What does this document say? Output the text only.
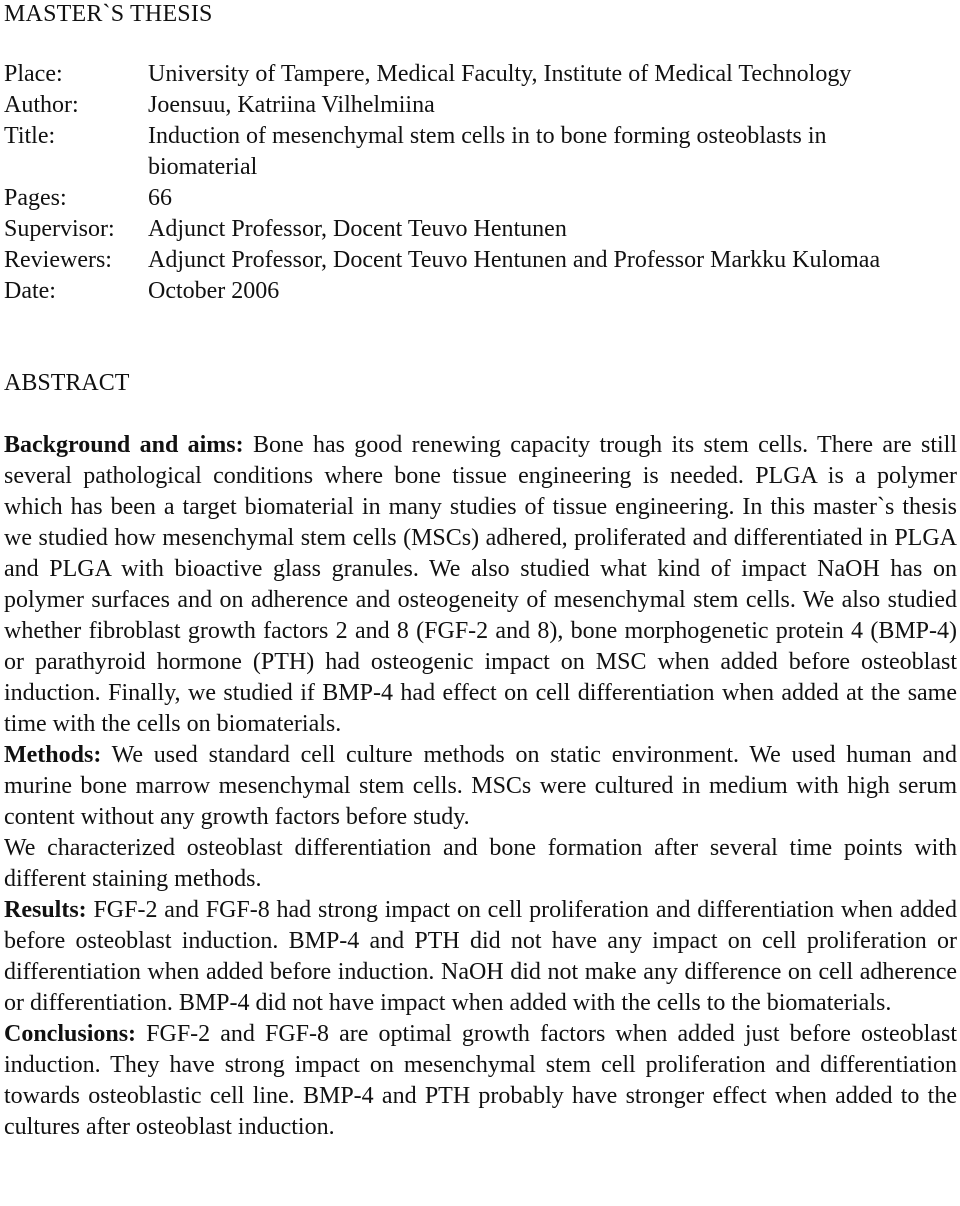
MASTER`S THESIS
Place:	University of Tampere, Medical Faculty, Institute of Medical Technology
Author:	Joensuu, Katriina Vilhelmiina
Title:	Induction of mesenchymal stem cells in to bone forming osteoblasts in biomaterial
Pages:	66
Supervisor: Adjunct Professor, Docent Teuvo Hentunen
Reviewers: Adjunct Professor, Docent Teuvo Hentunen and Professor Markku Kulomaa
Date:	October 2006
ABSTRACT

Background and aims: Bone has good renewing capacity trough its stem cells. There are still several pathological conditions where bone tissue engineering is needed. PLGA is a polymer which has been a target biomaterial in many studies of tissue engineering. In this master`s thesis we studied how mesenchymal stem cells (MSCs) adhered, proliferated and differentiated in PLGA and PLGA with bioactive glass granules. We also studied what kind of impact NaOH has on polymer surfaces and on adherence and osteogeneity of mesenchymal stem cells. We also studied whether fibroblast growth factors 2 and 8 (FGF-2 and 8), bone morphogenetic protein 4 (BMP-4) or parathyroid hormone (PTH) had osteogenic impact on MSC when added before osteoblast induction. Finally, we studied if BMP-4 had effect on cell differentiation when added at the same time with the cells on biomaterials.

Methods: We used standard cell culture methods on static environment. We used human and murine bone marrow mesenchymal stem cells. MSCs were cultured in medium with high serum content without any growth factors before study.

We characterized osteoblast differentiation and bone formation after several time points with different staining methods.

Results: FGF-2 and FGF-8 had strong impact on cell proliferation and differentiation when added before osteoblast induction. BMP-4 and PTH did not have any impact on cell proliferation or differentiation when added before induction. NaOH did not make any difference on cell adherence or differentiation. BMP-4 did not have impact when added with the cells to the biomaterials.

Conclusions: FGF-2 and FGF-8 are optimal growth factors when added just before osteoblast induction. They have strong impact on mesenchymal stem cell proliferation and differentiation towards osteoblastic cell line. BMP-4 and PTH probably have stronger effect when added to the cultures after osteoblast induction.
